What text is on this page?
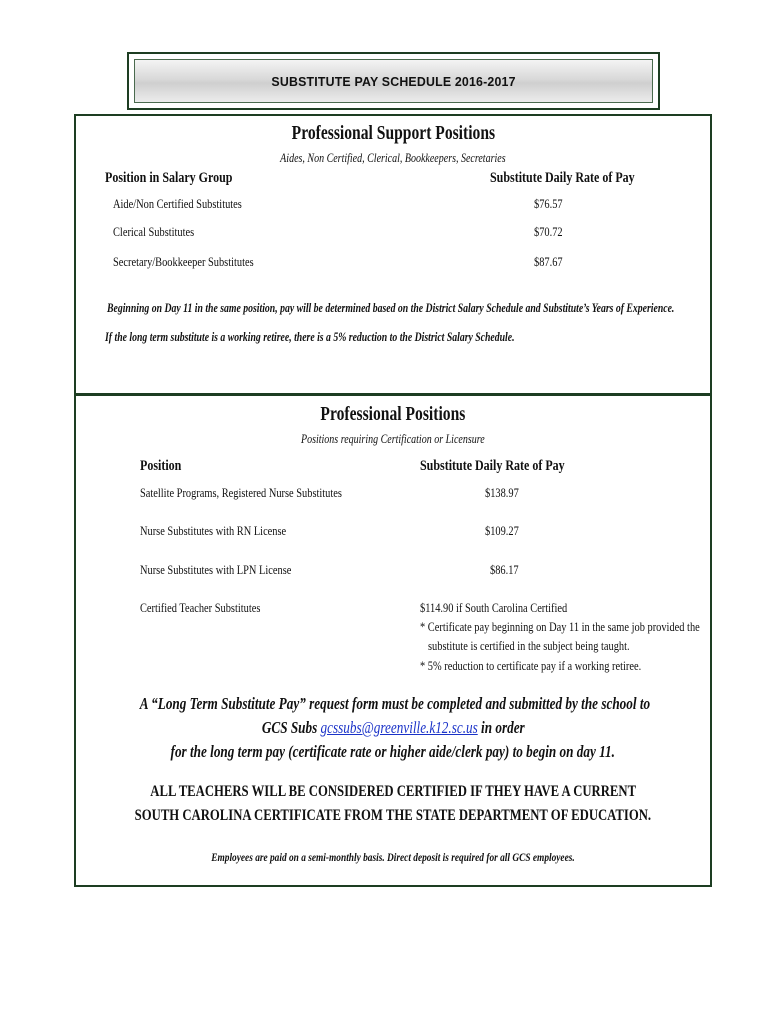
SUBSTITUTE PAY SCHEDULE 2016-2017
Professional Support Positions
Aides, Non Certified, Clerical, Bookkeepers, Secretaries
Position in Salary Group	Substitute Daily Rate of Pay
Aide/Non Certified Substitutes	$76.57
Clerical Substitutes	$70.72
Secretary/Bookkeeper Substitutes	$87.67
Beginning on Day 11 in the same position, pay will be determined based on the District Salary Schedule and Substitute’s Years of Experience.
If the long term substitute is a working retiree, there is a 5% reduction to the District Salary Schedule.
Professional Positions
Positions requiring Certification or Licensure
Position	Substitute Daily Rate of Pay
Satellite Programs, Registered Nurse Substitutes	$138.97
Nurse Substitutes with RN License	$109.27
Nurse Substitutes with LPN License	$86.17
Certified Teacher Substitutes	$114.90 if South Carolina Certified
* Certificate pay beginning on Day 11 in the same job provided the
substitute is certified in the subject being taught.
* 5% reduction to certificate pay if a working retiree.
A “Long Term Substitute Pay” request form must be completed and submitted by the school to
GCS Subs gcssubs@greenville.k12.sc.us in order
for the long term pay (certificate rate or higher aide/clerk pay) to begin on day 11.
ALL TEACHERS WILL BE CONSIDERED CERTIFIED IF THEY HAVE A CURRENT
SOUTH CAROLINA CERTIFICATE FROM THE STATE DEPARTMENT OF EDUCATION.
Employees are paid on a semi-monthly basis. Direct deposit is required for all GCS employees.
